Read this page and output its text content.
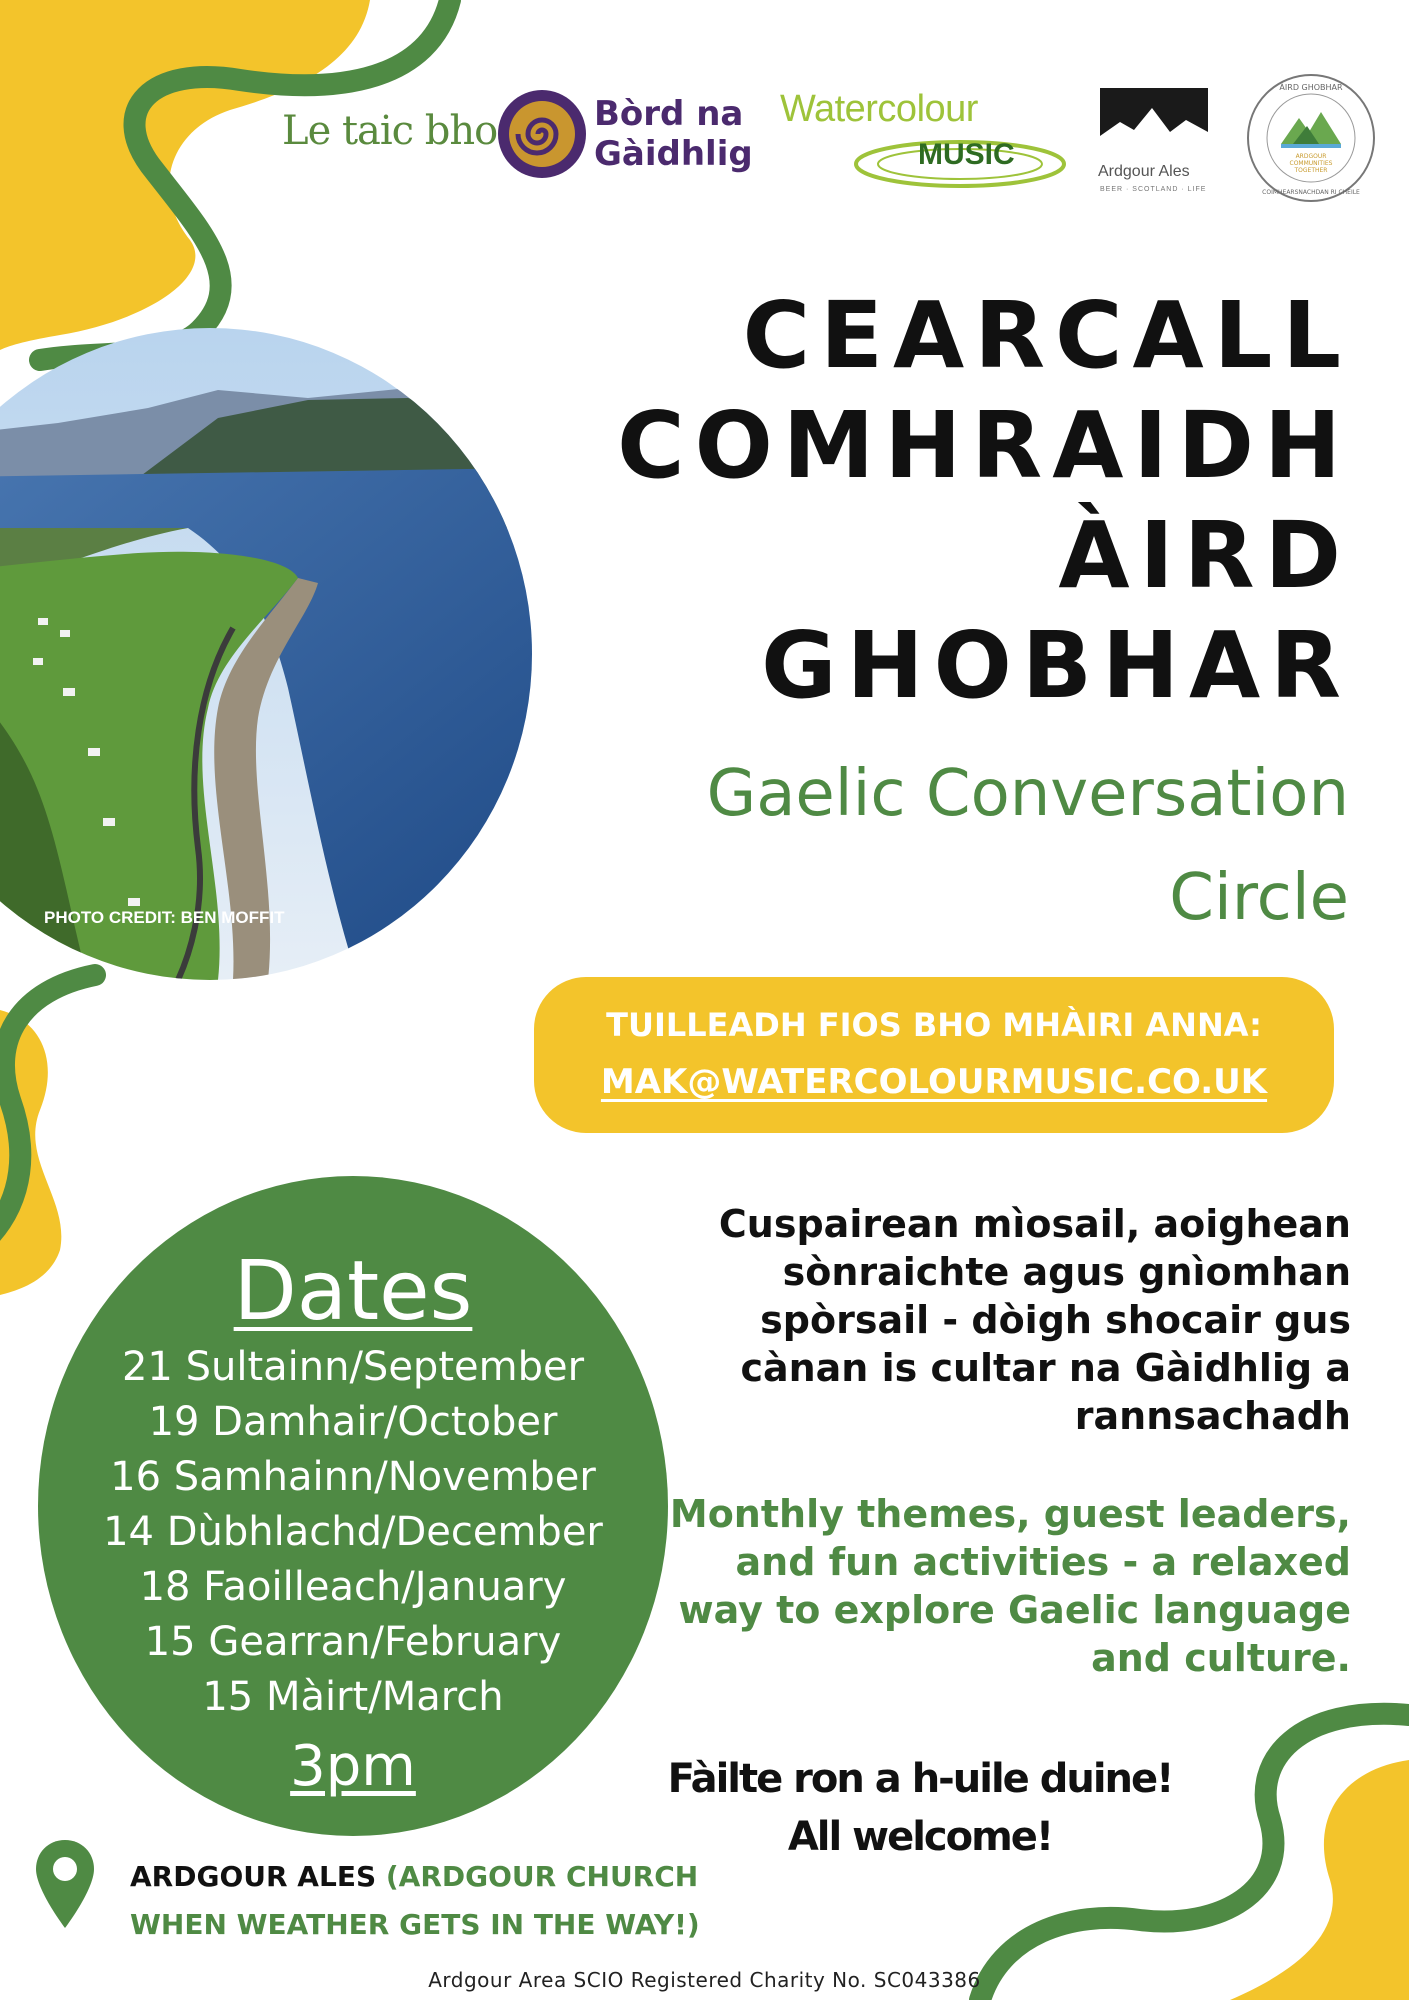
Le taic bho	Bòrd na
Gàidhlig
Watercolour
MUSIC
Ardgour Ales
BEER · SCOTLAND · LIFE
ÀIRD GHOBHAR
ARDGOUR
COMMUNITIES
TOGETHER
COIMHEARSNACHDAN RI CHÈILE
CEARCALL
COMHRAIDH
ÀIRD
GHOBHAR
Gaelic Conversation
Circle
PHOTO CREDIT: BEN MOFFIT
TUILLEADH FIOS BHO MHÀIRI ANNA:
MAK@WATERCOLOURMUSIC.CO.UK
Dates
21 Sultainn/September
19 Damhair/October
16 Samhainn/November
14 Dùbhlachd/December
18 Faoilleach/January
15 Gearran/February
15 Màirt/March
3pm
Cuspairean mìosail, aoighean sònraichte agus gnìomhan spòrsail - dòigh shocair gus cànan is cultar na Gàidhlig a rannsachadh
Monthly themes, guest leaders, and fun activities - a relaxed way to explore Gaelic language and culture.
Fàilte ron a h-uile duine!
All welcome!
ARDGOUR ALES (ARDGOUR CHURCH
WHEN WEATHER GETS IN THE WAY!)
Ardgour Area SCIO Registered Charity No. SC043386
